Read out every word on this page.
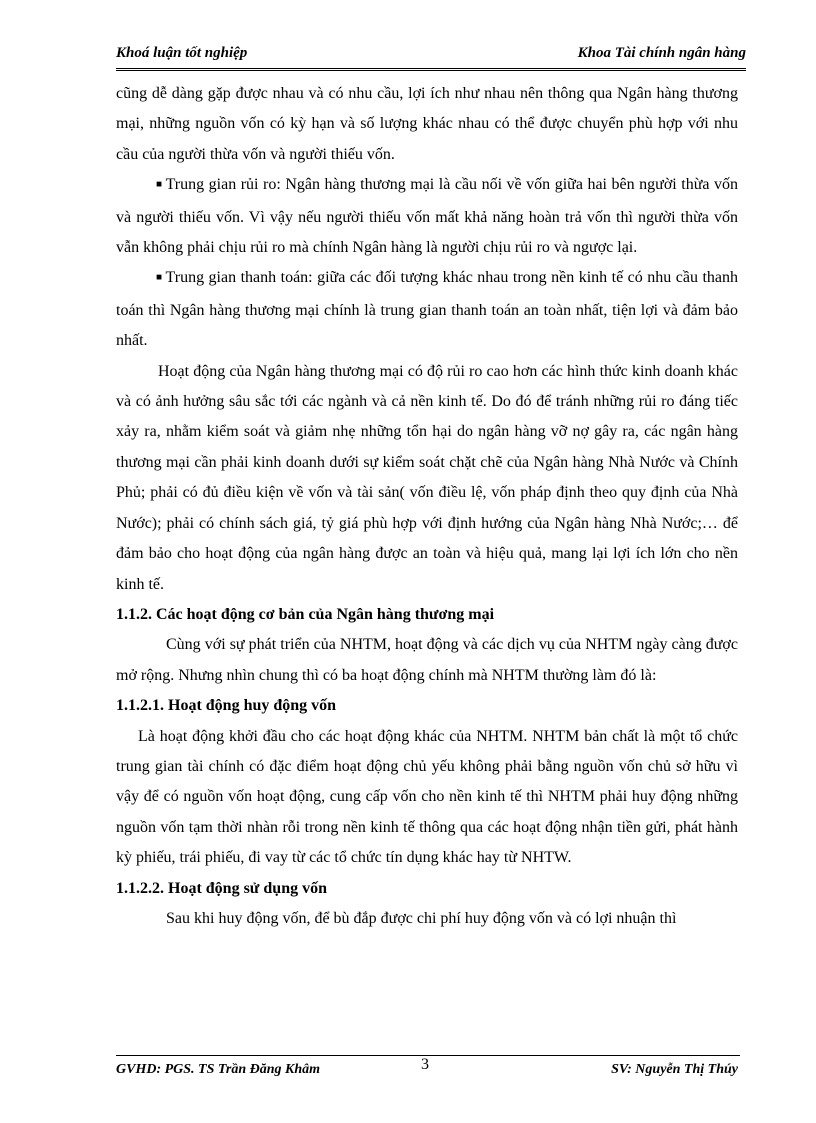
Khoá luận tốt nghiệp	Khoa Tài chính ngân hàng

cũng dễ dàng gặp được nhau và có nhu cầu, lợi ích như nhau nên thông qua Ngân hàng thương mại, những nguồn vốn có kỳ hạn và số lượng khác nhau có thể được chuyển phù hợp với nhu cầu của người thừa vốn và người thiếu vốn.

■ Trung gian rủi ro: Ngân hàng thương mại là cầu nối về vốn giữa hai bên người thừa vốn và người thiếu vốn. Vì vậy nếu người thiếu vốn mất khả năng hoàn trả vốn thì người thừa vốn vẫn không phải chịu rủi ro mà chính Ngân hàng là người chịu rủi ro và ngược lại.

■ Trung gian thanh toán: giữa các đối tượng khác nhau trong nền kinh tế có nhu cầu thanh toán thì Ngân hàng thương mại chính là trung gian thanh toán an toàn nhất, tiện lợi và đảm bảo nhất.

Hoạt động của Ngân hàng thương mại có độ rủi ro cao hơn các hình thức kinh doanh khác và có ảnh hưởng sâu sắc tới các ngành và cả nền kinh tế. Do đó để tránh những rủi ro đáng tiếc xảy ra, nhằm kiểm soát và giảm nhẹ những tổn hại do ngân hàng vỡ nợ gây ra, các ngân hàng thương mại cần phải kinh doanh dưới sự kiểm soát chặt chẽ của Ngân hàng Nhà Nước và Chính Phủ; phải có đủ điều kiện về vốn và tài sản( vốn điều lệ, vốn pháp định theo quy định của Nhà Nước); phải có chính sách giá, tỷ giá phù hợp với định hướng của Ngân hàng Nhà Nước;… để đảm bảo cho hoạt động của ngân hàng được an toàn và hiệu quả, mang lại lợi ích lớn cho nền kinh tế.

1.1.2. Các hoạt động cơ bản của Ngân hàng thương mại

Cùng với sự phát triển của NHTM, hoạt động và các dịch vụ của NHTM ngày càng được mở rộng. Nhưng nhìn chung thì có ba hoạt động chính mà NHTM thường làm đó là:

1.1.2.1. Hoạt động huy động vốn

Là hoạt động khởi đầu cho các hoạt động khác của NHTM. NHTM bản chất là một tổ chức trung gian tài chính có đặc điểm hoạt động chủ yếu không phải bằng nguồn vốn chủ sở hữu vì vậy để có nguồn vốn hoạt động, cung cấp vốn cho nền kinh tế thì NHTM phải huy động những nguồn vốn tạm thời nhàn rỗi trong nền kinh tế thông qua các hoạt động nhận tiền gửi, phát hành kỳ phiếu, trái phiếu, đi vay từ các tổ chức tín dụng khác hay từ NHTW.

1.1.2.2. Hoạt động sử dụng vốn

Sau khi huy động vốn, để bù đắp được chi phí huy động vốn và có lợi nhuận thì

GVHD: PGS. TS Trần Đăng Khâm	3	SV: Nguyễn Thị Thúy
